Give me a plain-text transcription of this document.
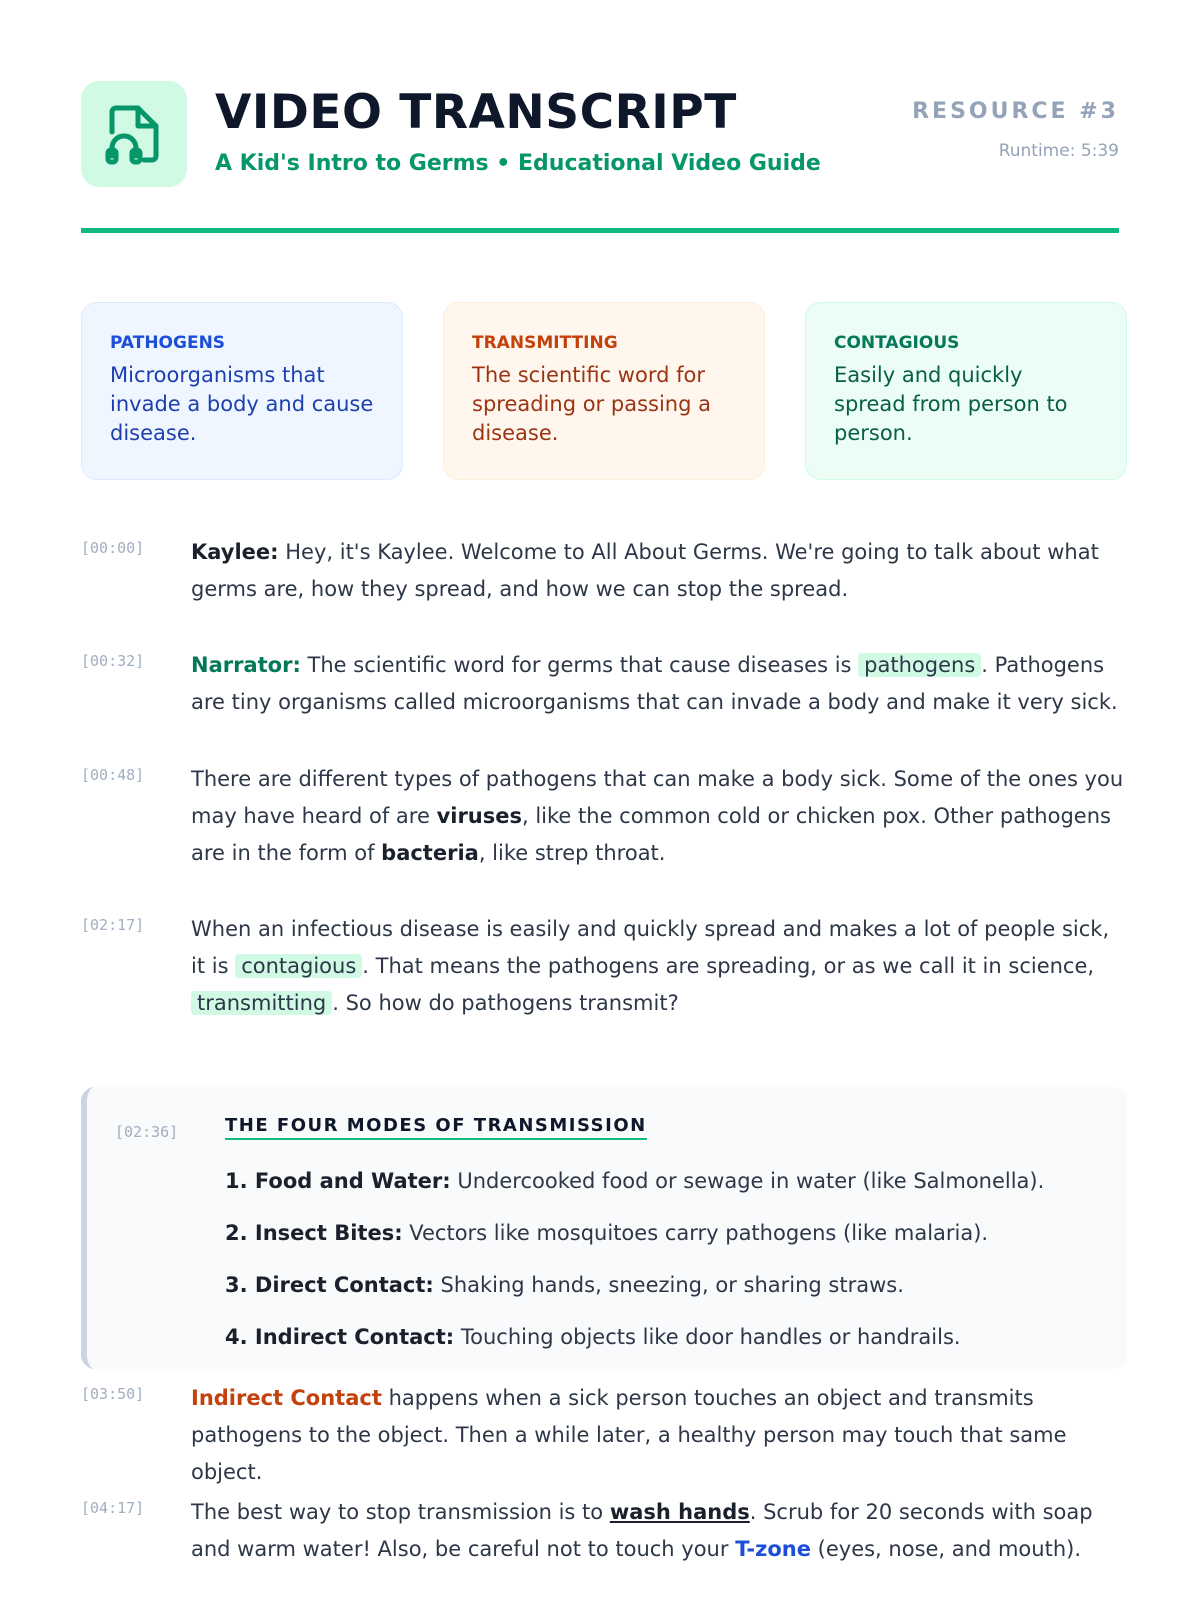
VIDEO TRANSCRIPT
A Kid's Intro to Germs • Educational Video Guide
RESOURCE #3
Runtime: 5:39
PATHOGENS
Microorganisms that invade a body and cause disease.
TRANSMITTING
The scientific word for spreading or passing a disease.
CONTAGIOUS
Easily and quickly spread from person to person.
[00:00] Kaylee: Hey, it's Kaylee. Welcome to All About Germs. We're going to talk about what germs are, how they spread, and how we can stop the spread.
[00:32] Narrator: The scientific word for germs that cause diseases is pathogens . Pathogens are tiny organisms called microorganisms that can invade a body and make it very sick.
[00:48] There are different types of pathogens that can make a body sick. Some of the ones you may have heard of are viruses, like the common cold or chicken pox. Other pathogens are in the form of bacteria, like strep throat.
[02:17] When an infectious disease is easily and quickly spread and makes a lot of people sick, it is contagious . That means the pathogens are spreading, or as we call it in science, transmitting . So how do pathogens transmit?
[02:36]	THE FOUR MODES OF TRANSMISSION
1. Food and Water: Undercooked food or sewage in water (like Salmonella).
2. Insect Bites: Vectors like mosquitoes carry pathogens (like malaria).
3. Direct Contact: Shaking hands, sneezing, or sharing straws.
4. Indirect Contact: Touching objects like door handles or handrails.
[03:50] Indirect Contact happens when a sick person touches an object and transmits pathogens to the object. Then a while later, a healthy person may touch that same object.
[04:17] The best way to stop transmission is to wash hands. Scrub for 20 seconds with soap and warm water! Also, be careful not to touch your T-zone (eyes, nose, and mouth).
